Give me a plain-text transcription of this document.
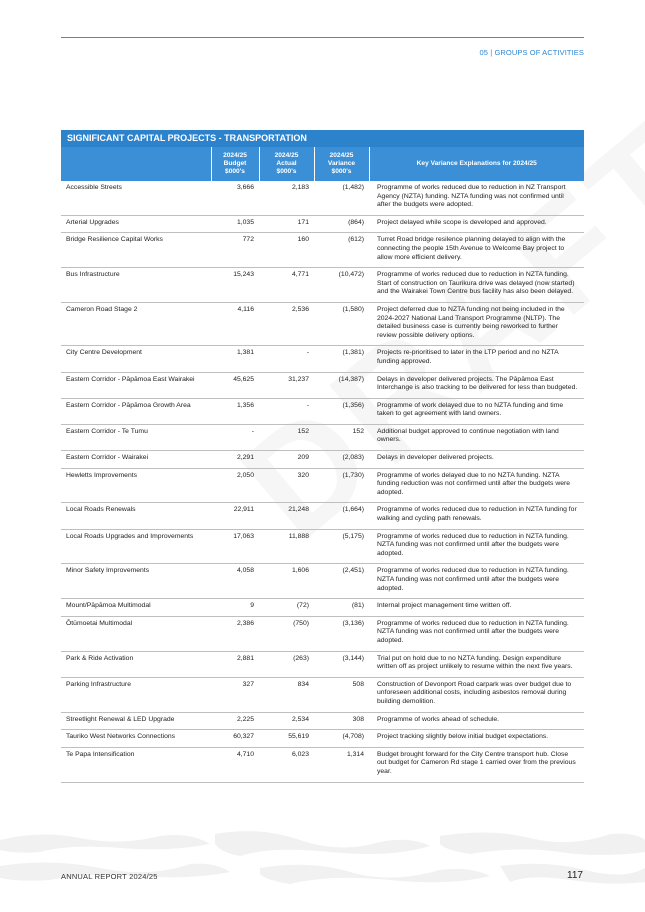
05 | GROUPS OF ACTIVITIES
SIGNIFICANT CAPITAL PROJECTS - TRANSPORTATION
	2024/25
Budget
$000's	2024/25
Actual
$000's	2024/25
Variance
$000's	Key Variance Explanations for 2024/25
Accessible Streets	3,666	2,183	(1,482)	Programme of works reduced due to reduction in NZ Transport Agency (NZTA) funding. NZTA funding was not confirmed until after the budgets were adopted.
Arterial Upgrades	1,035	171	(864)	Project delayed while scope is developed and approved.
Bridge Resilience Capital Works	772	160	(612)	Turret Road bridge resilence planning delayed to align with the connecting the people 15th Avenue to Welcome Bay project to allow more efficient delivery.
Bus Infrastructure	15,243	4,771	(10,472)	Programme of works reduced due to reduction in NZTA funding. Start of construction on Taurikura drive was delayed (now started) and the Wairakei Town Centre bus facility has also been delayed.
Cameron Road Stage 2	4,116	2,536	(1,580)	Project deferred due to NZTA funding not being included in the 2024-2027 National Land Transport Programme (NLTP). The detailed business case is currently being reworked to further review possible delivery options.
City Centre Development	1,381	-	(1,381)	Projects re-prioritised to later in the LTP period and no NZTA funding approved.
Eastern Corridor - Pāpāmoa East Wairakei	45,625	31,237	(14,387)	Delays in developer delivered projects. The Pāpāmoa East Interchange is also tracking to be delivered for less than budgeted.
Eastern Corridor - Pāpāmoa Growth Area	1,356	-	(1,356)	Programme of work delayed due to no NZTA funding and time taken to get agreement with land owners.
Eastern Corridor - Te Tumu	-	152	152	Additional budget approved to continue negotiation with land owners.
Eastern Corridor - Wairakei	2,291	209	(2,083)	Delays in developer delivered projects.
Hewletts Improvements	2,050	320	(1,730)	Programme of works delayed due to no NZTA funding. NZTA funding reduction was not confirmed until after the budgets were adopted.
Local Roads Renewals	22,911	21,248	(1,664)	Programme of works reduced due to reduction in NZTA funding for walking and cycling path renewals.
Local Roads Upgrades and Improvements	17,063	11,888	(5,175)	Programme of works reduced due to reduction in NZTA funding. NZTA funding was not confirmed until after the budgets were adopted.
Minor Safety Improvements	4,058	1,606	(2,451)	Programme of works reduced due to reduction in NZTA funding. NZTA funding was not confirmed until after the budgets were adopted.
Mount/Pāpāmoa Multimodal	9	(72)	(81)	Internal project management time written off.
Ōtūmoetai Multimodal	2,386	(750)	(3,136)	Programme of works reduced due to reduction in NZTA funding. NZTA funding was not confirmed until after the budgets were adopted.
Park & Ride Activation	2,881	(263)	(3,144)	Trial put on hold due to no NZTA funding. Design expenditure written off as project unlikely to resume within the next five years.
Parking Infrastructure	327	834	508	Construction of Devonport Road carpark was over budget due to unforeseen additional costs, including asbestos removal during building demolition.
Streetlight Renewal & LED Upgrade	2,225	2,534	308	Programme of works ahead of schedule.
Tauriko West Networks Connections	60,327	55,619	(4,708)	Project tracking slightly below initial budget expectations.
Te Papa Intensification	4,710	6,023	1,314	Budget brought forward for the City Centre transport hub. Close out budget for Cameron Rd stage 1 carried over from the previous year.
ANNUAL REPORT 2024/25	117
